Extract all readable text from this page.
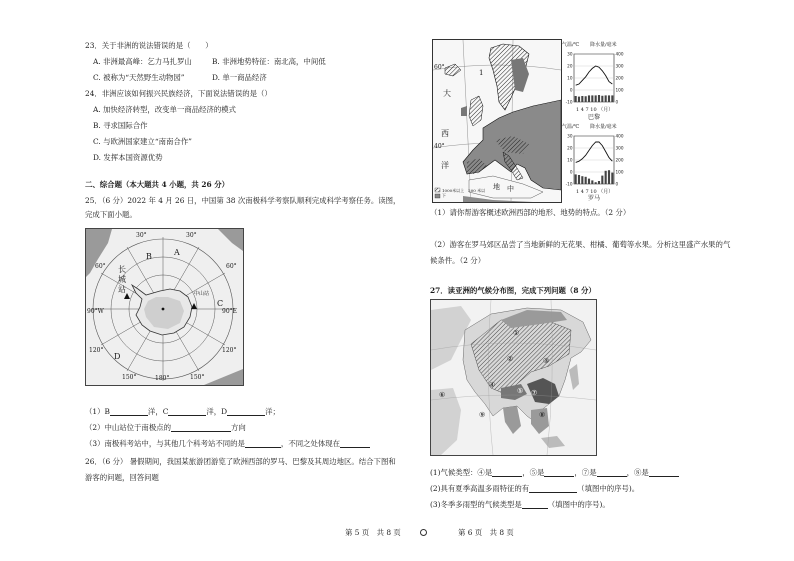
23．关于非洲的说法错误的是（　　）
A. 非洲最高峰：乞力马扎罗山	B. 非洲地势特征：南北高，中间低
C. 被称为“天然野生动物园”	D. 单一商品经济
24．非洲应该如何振兴民族经济，下面说法错误的是（）
A. 加快经济转型，改变单一商品经济的模式
B. 寻求国际合作
C. 与欧洲国家建立“南南合作”
D. 发挥本国资源优势
二、综合题（本大题共 4 小题，共 26 分）
25．（6 分）2022 年 4 月 26 日，中国第 38 次南极科学考察队顺利完成科学考察任务。读图，
完成下面小题。
30°	30°
60°	60°
90°W	90°E
120°	120°
150°	180°	150°
A
B
C
D
长城站	中山站
（1）B	洋，C	洋，D	洋；
（2）中山站位于南极点的	方向
（3）南极科考站中，与其他几个科考站不同的是	，不同之处体现在
26．（6 分） 暑假期间，我国某旅游团游览了欧洲西部的罗马、巴黎及其周边地区。结合下图和
游客的问题，回答问题
第 5 页　共 8 页
60°
40°
大
西
洋
地 中
1
1000米以上　200 米以下
气温/℃ 降水量/毫米
30
20
10
0
-10
400
300
200
100
0
1 4 7 10 （月）
巴黎
气温/℃ 降水量/毫米
30
20
10
0
-10
400
300
200
100
0
1 4 7 10 （月）
罗马
（1）请你帮游客概述欧洲西部的地形、地势的特点。（2 分）
（2）游客在罗马郊区品尝了当地新鲜的无花果、柑橘、葡萄等水果。分析这里盛产水果的气
候条件。（2 分）
27．读亚洲的气候分布图，完成下列问题（8 分）
①
②	③
④
⑤
⑥	⑦
⑧
⑨
(1)气候类型：④是	，⑤是	，⑦是	，⑧是
(2)具有夏季高温多雨特征的有	（填图中的序号)。
(3)冬季多雨型的气候类型是	（填图中的序号)。
第 6 页　共 8 页
